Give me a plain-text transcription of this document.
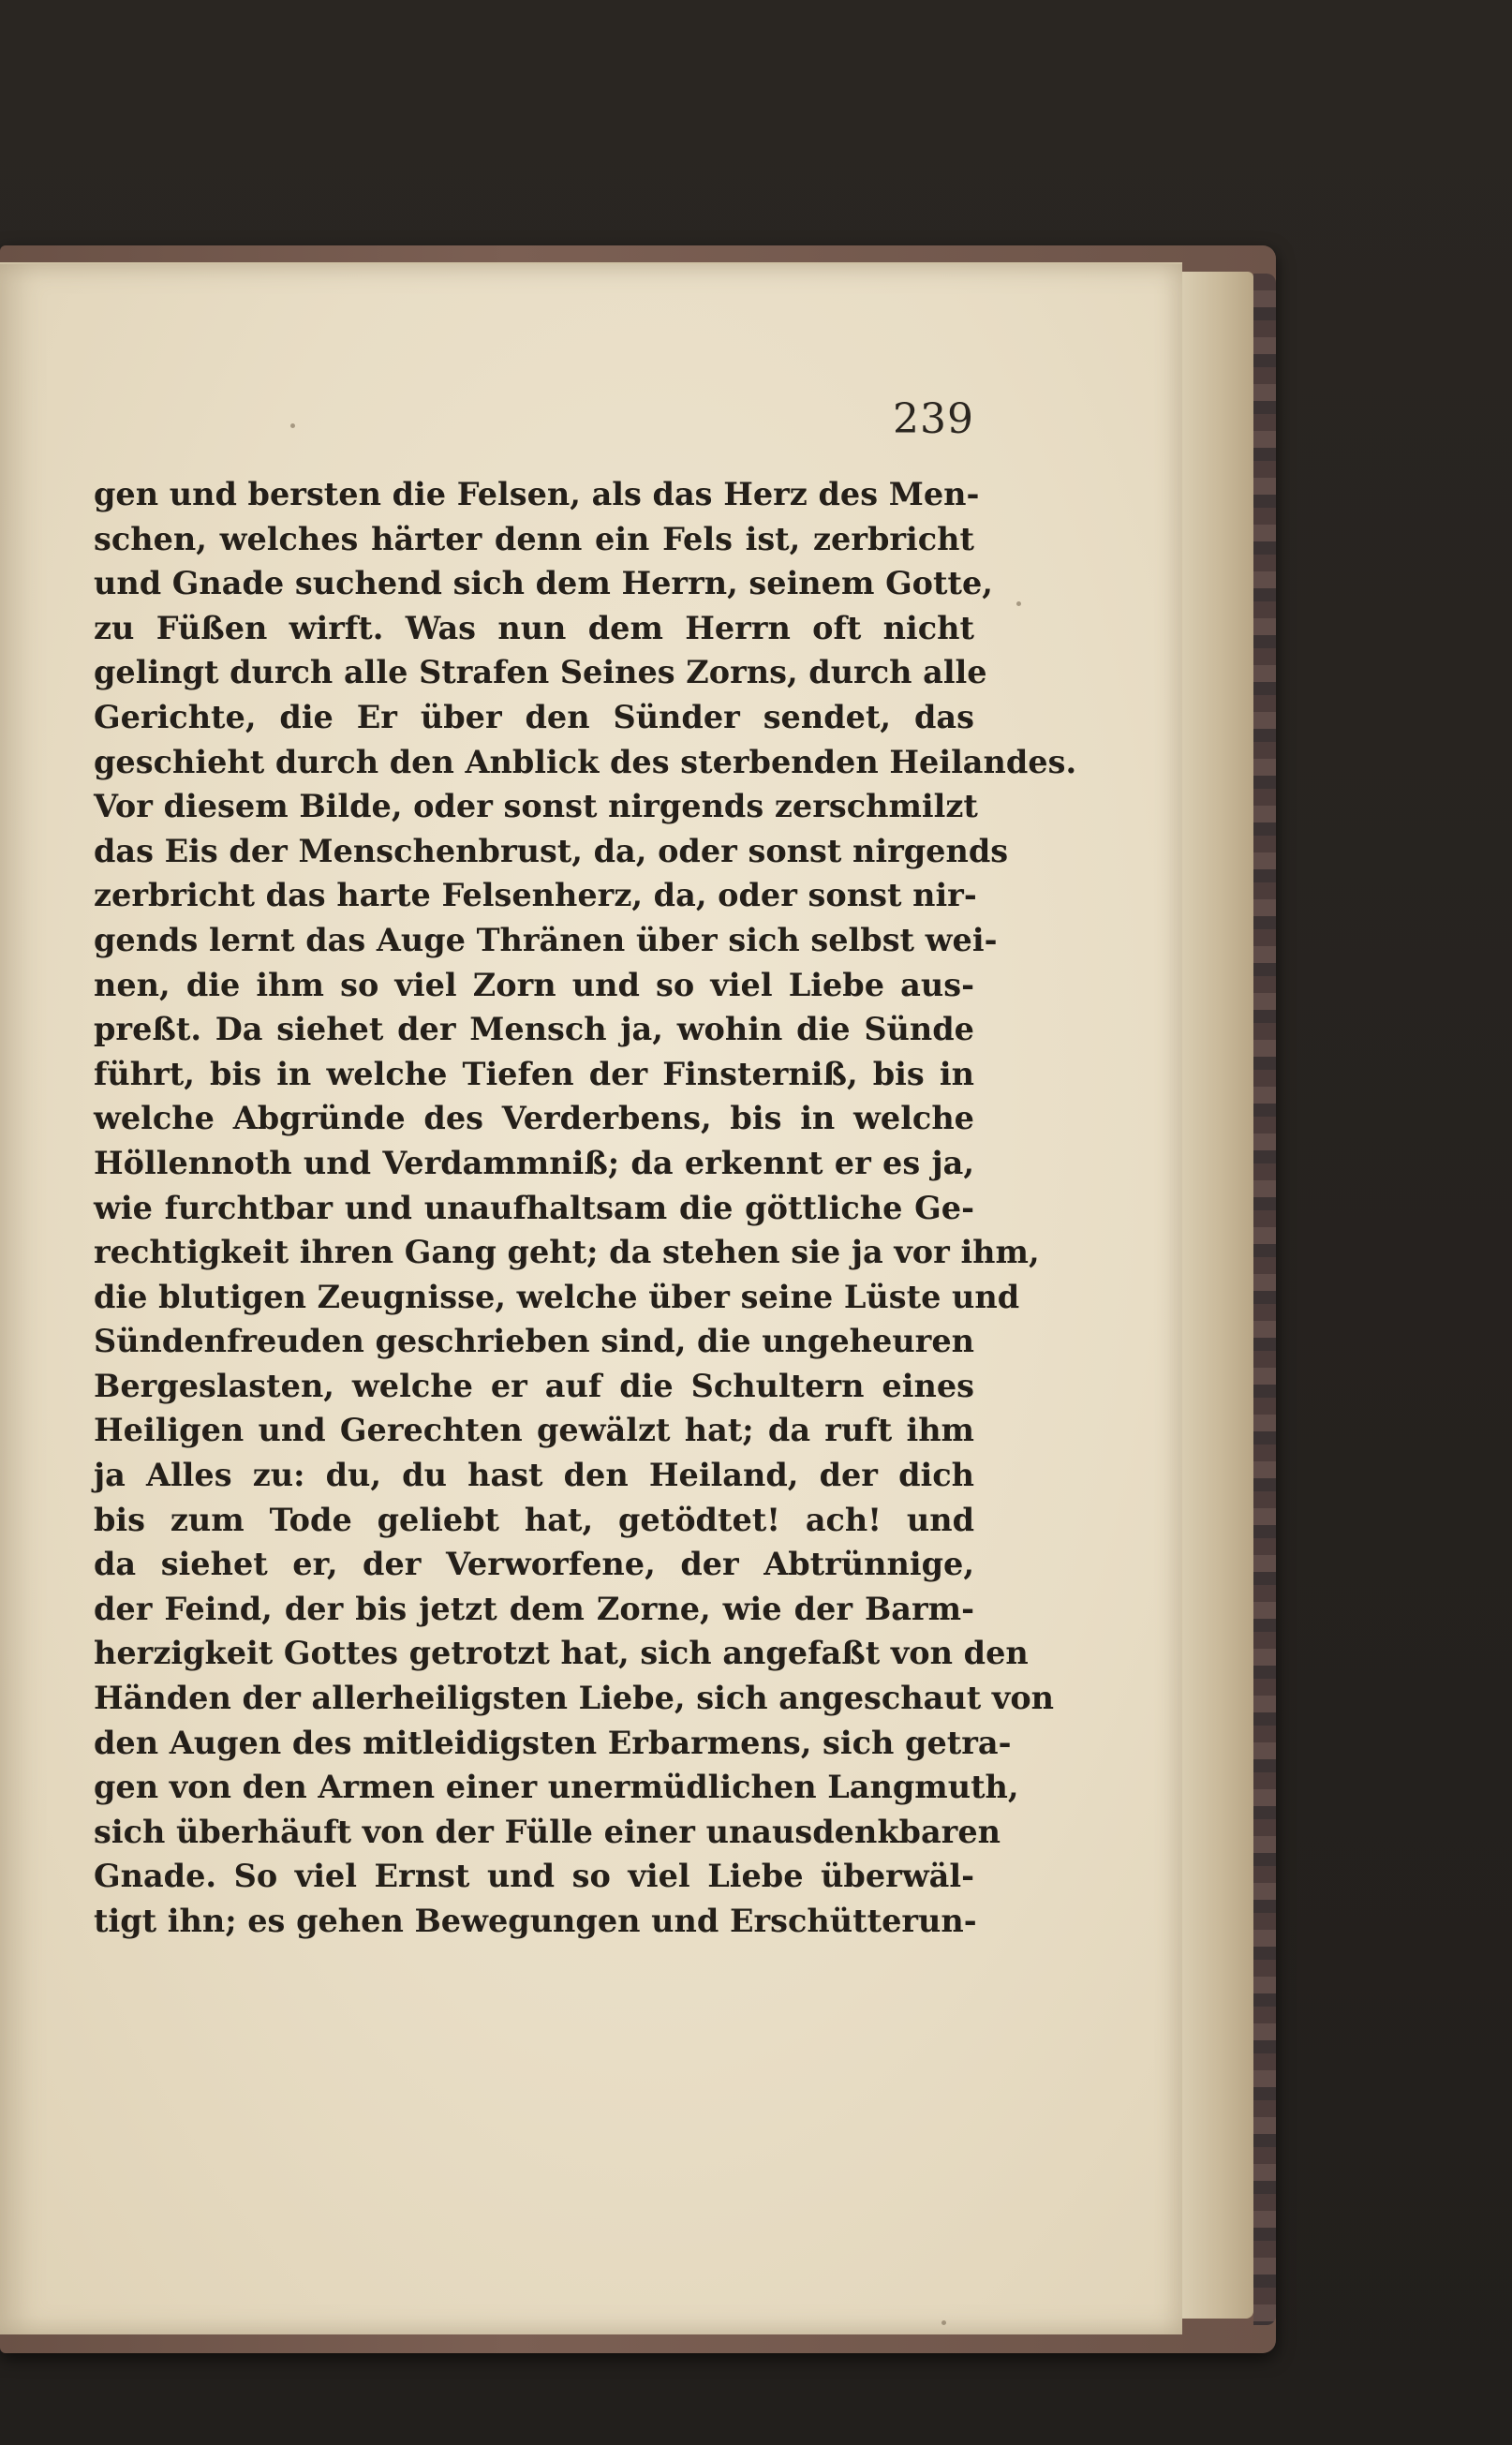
239
gen und bersten die Felsen, als das Herz des Men-
schen, welches härter denn ein Fels ist, zerbricht
und Gnade suchend sich dem Herrn, seinem Gotte,
zu Füßen wirft. Was nun dem Herrn oft nicht
gelingt durch alle Strafen Seines Zorns, durch alle
Gerichte, die Er über den Sünder sendet, das
geschieht durch den Anblick des sterbenden Heilandes.
Vor diesem Bilde, oder sonst nirgends zerschmilzt
das Eis der Menschenbrust, da, oder sonst nirgends
zerbricht das harte Felsenherz, da, oder sonst nir-
gends lernt das Auge Thränen über sich selbst wei-
nen, die ihm so viel Zorn und so viel Liebe aus-
preßt. Da siehet der Mensch ja, wohin die Sünde
führt, bis in welche Tiefen der Finsterniß, bis in
welche Abgründe des Verderbens, bis in welche
Höllennoth und Verdammniß; da erkennt er es ja,
wie furchtbar und unaufhaltsam die göttliche Ge-
rechtigkeit ihren Gang geht; da stehen sie ja vor ihm,
die blutigen Zeugnisse, welche über seine Lüste und
Sündenfreuden geschrieben sind, die ungeheuren
Bergeslasten, welche er auf die Schultern eines
Heiligen und Gerechten gewälzt hat; da ruft ihm
ja Alles zu: du, du hast den Heiland, der dich
bis zum Tode geliebt hat, getödtet! ach! und
da siehet er, der Verworfene, der Abtrünnige,
der Feind, der bis jetzt dem Zorne, wie der Barm-
herzigkeit Gottes getrotzt hat, sich angefaßt von den
Händen der allerheiligsten Liebe, sich angeschaut von
den Augen des mitleidigsten Erbarmens, sich getra-
gen von den Armen einer unermüdlichen Langmuth,
sich überhäuft von der Fülle einer unausdenkbaren
Gnade. So viel Ernst und so viel Liebe überwäl-
tigt ihn; es gehen Bewegungen und Erschütterun-
